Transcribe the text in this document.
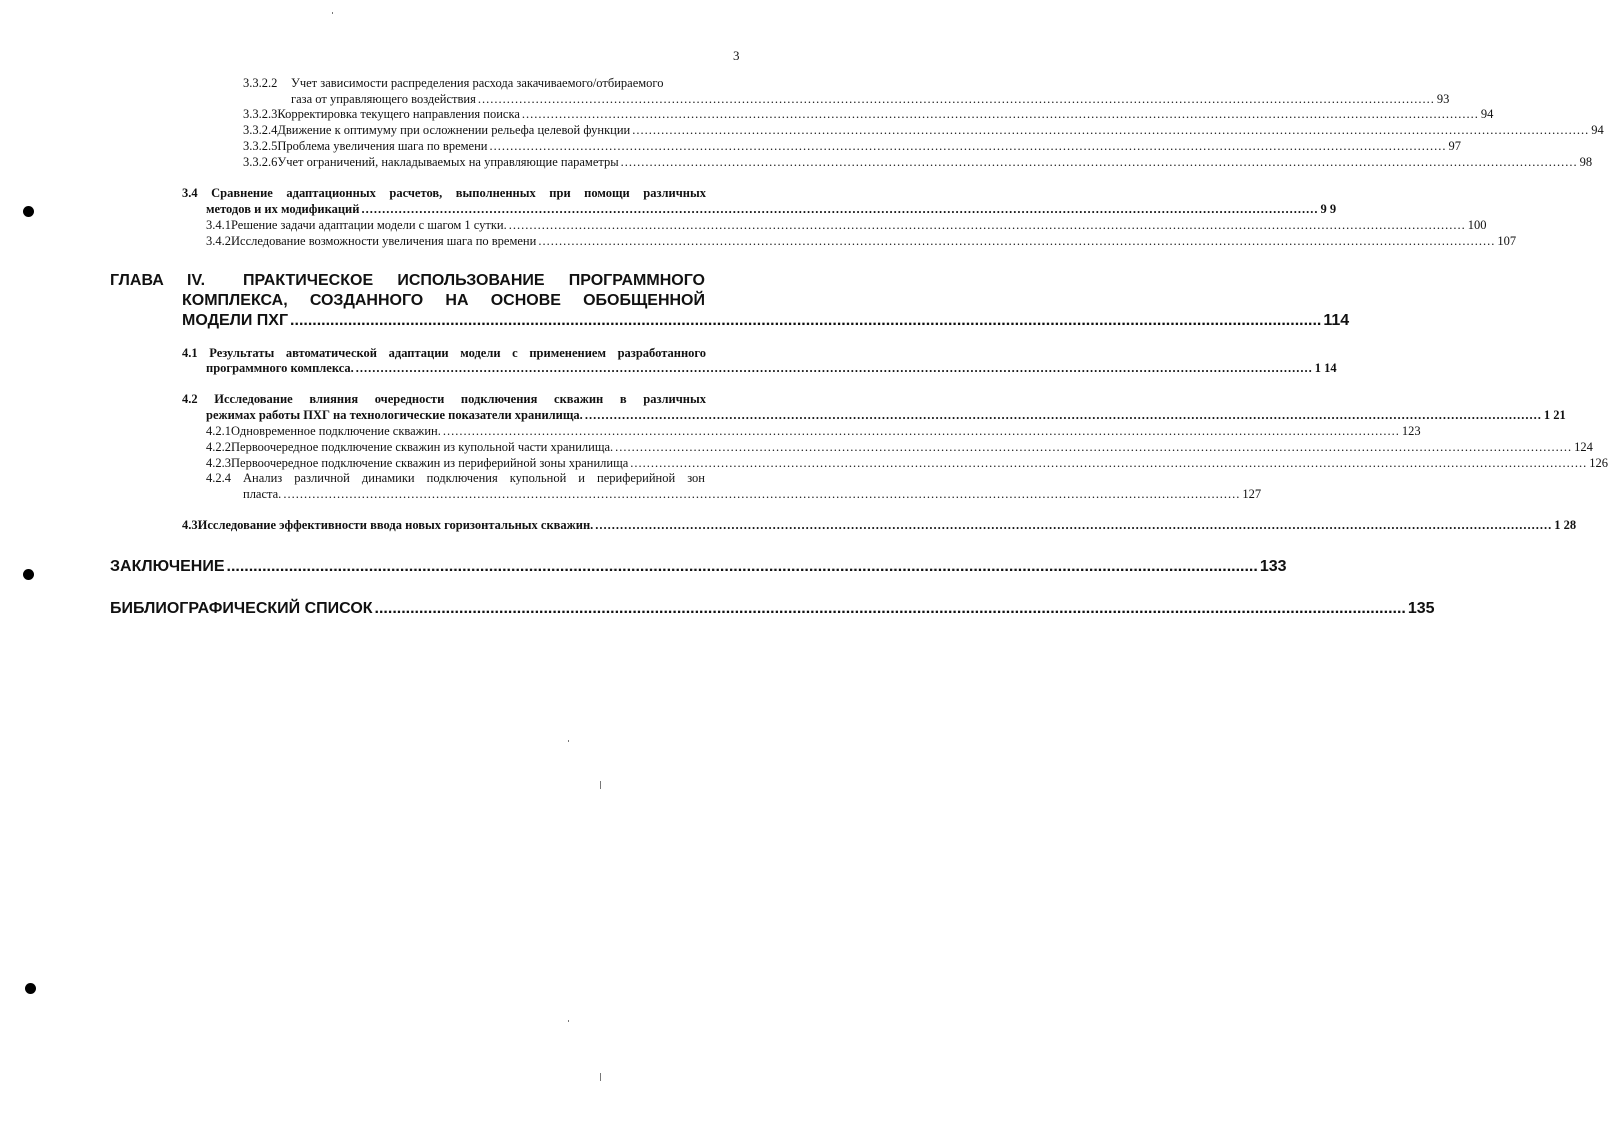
3
3.3.2.2 Учет зависимости распределения расхода закачиваемого/отбираемого
газа от управляющего воздействия .....	93
3.3.2.3 Корректировка текущего направления поиска .....	94
3.3.2.4 Движение к оптимуму при осложнении рельефа целевой функции .....	94
3.3.2.5 Проблема увеличения шага по времени .....	97
3.3.2.6 Учет ограничений, накладываемых на управляющие параметры .....	98
3.4 Сравнение адаптационных расчетов, выполненных при помощи различных
методов и их модификаций .....	9 9
3.4.1 Решение задачи адаптации модели с шагом 1 сутки. .....	100
3.4.2 Исследование возможности увеличения шага по времени .....	107
ГЛАВА IV. ПРАКТИЧЕСКОЕ ИСПОЛЬЗОВАНИЕ ПРОГРАММНОГО
КОМПЛЕКСА, СОЗДАННОГО НА ОСНОВЕ ОБОБЩЕННОЙ
МОДЕЛИ ПХГ .....	114
4.1 Результаты автоматической адаптации модели с применением разработанного
программного комплекса. .....	1 14
4.2 Исследование влияния очередности подключения скважин в различных
режимах работы ПХГ на технологические показатели хранилища. .....	1 21
4.2.1 Одновременное подключение скважин. .....	123
4.2.2 Первоочередное подключение скважин из купольной части хранилища. .....	124
4.2.3 Первоочередное подключение скважин из периферийной зоны хранилища .....	126
4.2.4 Анализ различной динамики подключения купольной и периферийной зон
пласта. .....	127
4.3 Исследование эффективности ввода новых горизонтальных скважин. .....	1 28
ЗАКЛЮЧЕНИЕ .....	133
БИБЛИОГРАФИЧЕСКИЙ СПИСОК .....	135
